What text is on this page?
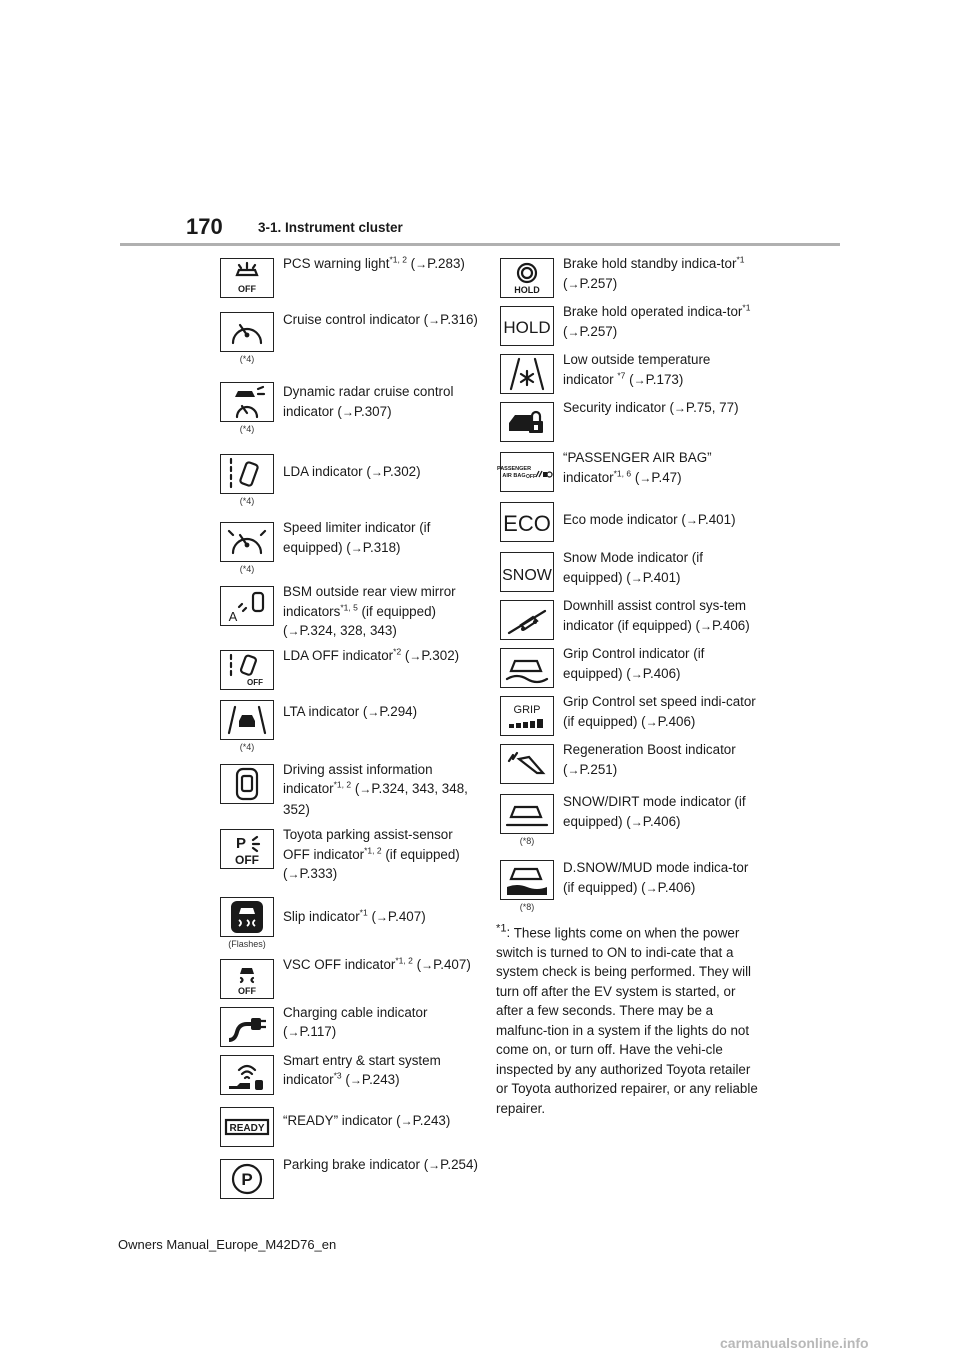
170	3-1. Instrument cluster
OFF
PCS warning light$^{*1, 2}$ (→P.283)
(*4)
Cruise control indicator (→P.316)
(*4)
Dynamic radar cruise control indicator (→P.307)
(*4)
LDA indicator (→P.302)
(*4)
Speed limiter indicator (if equipped) (→P.318)
A
BSM outside rear view mirror indicators$^{*1, 5}$ (if equipped) (→P.324, 328, 343)
OFF
LDA OFF indicator$^{*2}$ (→P.302)
(*4)
LTA indicator (→P.294)
Driving assist information indicator$^{*1, 2}$ (→P.324, 343, 348, 352)
P
OFF
Toyota parking assist-sensor OFF indicator$^{*1, 2}$ (if equipped) (→P.333)
(Flashes)
Slip indicator$^{*1}$ (→P.407)
OFF
VSC OFF indicator$^{*1, 2}$ (→P.407)
Charging cable indicator (→P.117)
Smart entry & start system indicator$^{*3}$ (→P.243)
READY
“READY” indicator (→P.243)
P
Parking brake indicator (→P.254)
HOLD
Brake hold standby indica-tor$^{*1}$ (→P.257)
HOLD
Brake hold operated indica-tor$^{*1}$ (→P.257)
Low outside temperature indicator $^{*7}$ (→P.173)
Security indicator (→P.75, 77)
PASSENGER
AIR BAG OFF
“PASSENGER AIR BAG” indicator$^{*1, 6}$ (→P.47)
ECO Eco mode indicator (→P.401)
SNOW
Snow Mode indicator (if equipped) (→P.401)
Downhill assist control sys-tem indicator (if equipped) (→P.406)
Grip Control indicator (if equipped) (→P.406)
GRIP
Grip Control set speed indi-cator (if equipped) (→P.406)
Regeneration Boost indicator (→P.251)
(*8)
SNOW/DIRT mode indicator (if equipped) (→P.406)
(*8)
D.SNOW/MUD mode indica-tor (if equipped) (→P.406)
$^{*1}$: These lights come on when the power switch is turned to ON to indi-cate that a system check is being performed. They will turn off after the EV system is started, or after a few seconds. There may be a malfunc-tion in a system if the lights do not come on, or turn off. Have the vehi-cle inspected by any authorized Toyota retailer or Toyota authorized repairer, or any reliable repairer.
Owners Manual_Europe_M42D76_en
carmanualsonline.info
